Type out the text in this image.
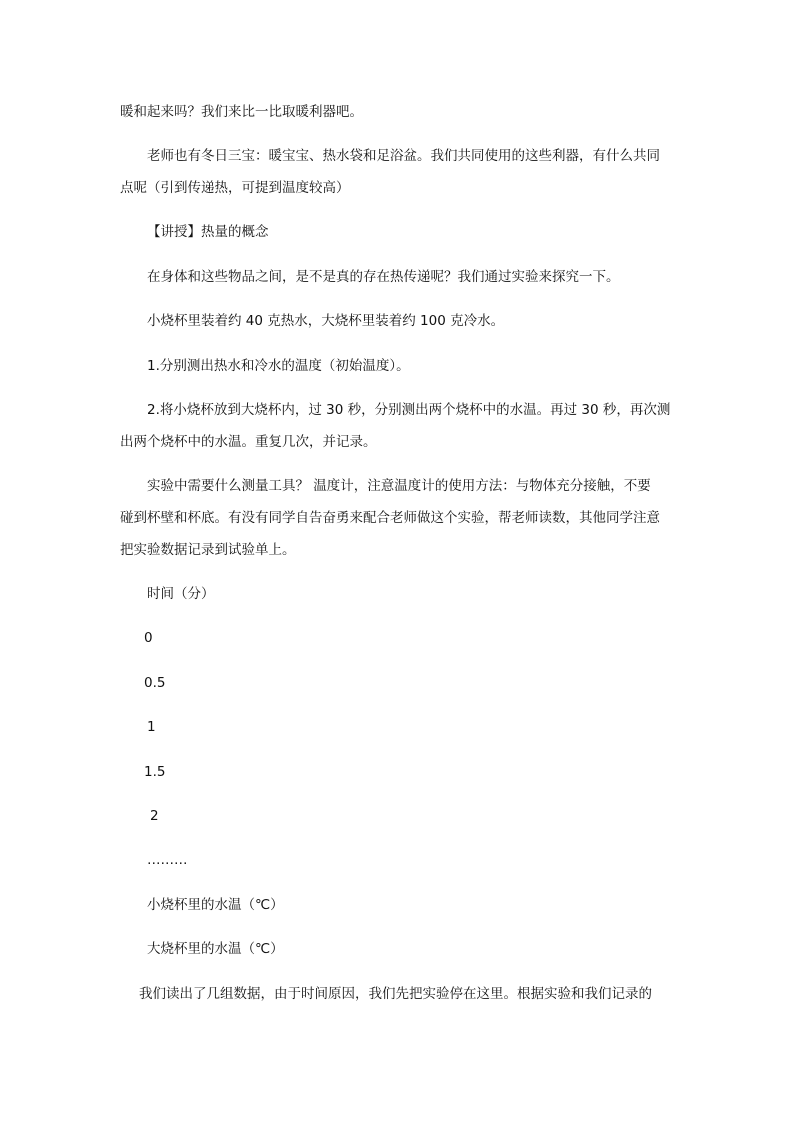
暖和起来吗？我们来比一比取暖利器吧。
老师也有冬日三宝：暖宝宝、热水袋和足浴盆。我们共同使用的这些利器，有什么共同
点呢（引到传递热，可提到温度较高）
【讲授】热量的概念
在身体和这些物品之间，是不是真的存在热传递呢？我们通过实验来探究一下。
小烧杯里装着约 40 克热水，大烧杯里装着约 100 克冷水。
1.分别测出热水和冷水的温度（初始温度）。
2.将小烧杯放到大烧杯内，过 30 秒，分别测出两个烧杯中的水温。再过 30 秒，再次测
出两个烧杯中的水温。重复几次，并记录。
实验中需要什么测量工具？ 温度计，注意温度计的使用方法：与物体充分接触，不要
碰到杯壁和杯底。有没有同学自告奋勇来配合老师做这个实验，帮老师读数，其他同学注意
把实验数据记录到试验单上。
时间（分）
0
0.5
1
1.5
2
………
小烧杯里的水温（℃）
大烧杯里的水温（℃）
我们读出了几组数据，由于时间原因，我们先把实验停在这里。根据实验和我们记录的
